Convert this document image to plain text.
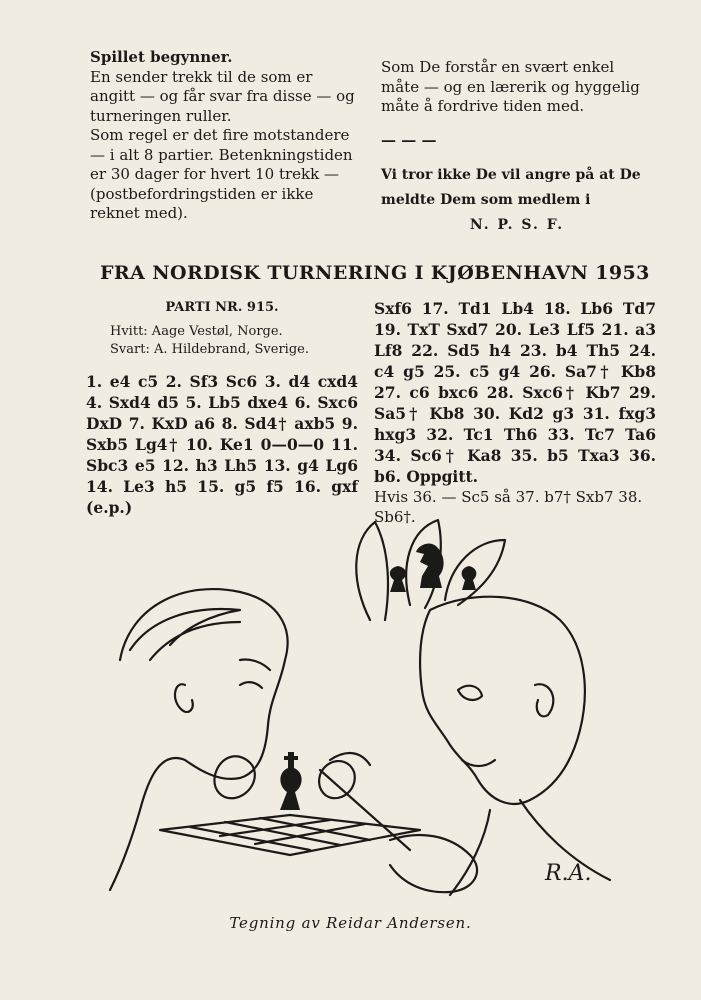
Spillet begynner.

En sender trekk til de som er angitt — og får svar fra disse — og turneringen ruller.

Som regel er det fire motstandere — i alt 8 partier. Betenkningstiden er 30 dager for hvert 10 trekk — (postbefordringstiden er ikke reknet med).

Som De forstår en svært enkel måte — og en lærerik og hyggelig måte å fordrive tiden med.

— — —

Vi tror ikke De vil angre på at De meldte Dem som medlem i

N. P. S. F.

FRA NORDISK TURNERING I KJØBENHAVN 1953

PARTI NR. 915.

Hvitt: Aage Vestøl, Norge.
Svart: A. Hildebrand, Sverige.

1. e4 c5 2. Sf3 Sc6 3. d4 cxd4 4. Sxd4 d5 5. Lb5 dxe4 6. Sxc6 DxD 7. KxD a6 8. Sd4† axb5 9. Sxb5 Lg4† 10. Ke1 0—0—0 11. Sbc3 e5 12. h3 Lh5 13. g4 Lg6 14. Le3 h5 15. g5 f5 16. gxf (e.p.)

Sxf6 17. Td1 Lb4 18. Lb6 Td7 19. TxT Sxd7 20. Le3 Lf5 21. a3 Lf8 22. Sd5 h4 23. b4 Th5 24. c4 g5 25. c5 g4 26. Sa7† Kb8 27. c6 bxc6 28. Sxc6† Kb7 29. Sa5† Kb8 30. Kd2 g3 31. fxg3 hxg3 32. Tc1 Th6 33. Tc7 Ta6 34. Sc6† Ka8 35. b5 Txa3 36. b6. Oppgitt.

Hvis 36. — Sc5 så 37. b7† Sxb7 38. Sb6†.

R.A.
Tegning av Reidar Andersen.
